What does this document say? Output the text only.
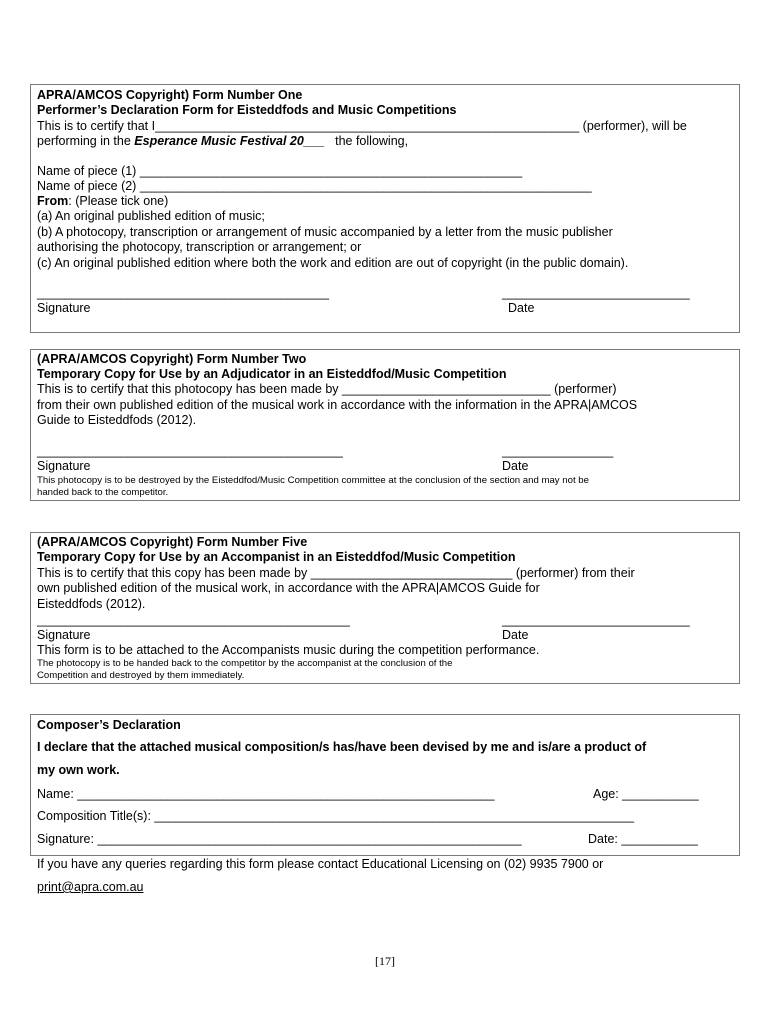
APRA/AMCOS Copyright) Form Number One
Performer’s Declaration Form for Eisteddfods and Music Competitions
This is to certify that I_____________________________________________________________ (performer), will be
performing in the Esperance Music Festival 20___ the following,
Name of piece (1) _______________________________________________________
Name of piece (2) _________________________________________________________________
From: (Please tick one)
(a) An original published edition of music;
(b) A photocopy, transcription or arrangement of music accompanied by a letter from the music publisher
authorising the photocopy, transcription or arrangement; or
(c) An original published edition where both the work and edition are out of copyright (in the public domain).
__________________________________________	___________________________
Signature	Date
(APRA/AMCOS Copyright) Form Number Two
Temporary Copy for Use by an Adjudicator in an Eisteddfod/Music Competition
This is to certify that this photocopy has been made by ______________________________ (performer)
from their own published edition of the musical work in accordance with the information in the APRA|AMCOS
Guide to Eisteddfods (2012).
____________________________________________	________________
Signature	Date
This photocopy is to be destroyed by the Eisteddfod/Music Competition committee at the conclusion of the section and may not be
handed back to the competitor.
(APRA/AMCOS Copyright) Form Number Five
Temporary Copy for Use by an Accompanist in an Eisteddfod/Music Competition
This is to certify that this copy has been made by _____________________________ (performer) from their
own published edition of the musical work, in accordance with the APRA|AMCOS Guide for
Eisteddfods (2012).
_____________________________________________	___________________________
Signature	Date
This form is to be attached to the Accompanists music during the competition performance.
The photocopy is to be handed back to the competitor by the accompanist at the conclusion of the
Competition and destroyed by them immediately.
Composer’s Declaration
I declare that the attached musical composition/s has/have been devised by me and is/are a product of
my own work.
Name: ____________________________________________________________	Age: ___________
Composition Title(s): _____________________________________________________________________
Signature: _____________________________________________________________	Date: ___________
If you have any queries regarding this form please contact Educational Licensing on (02) 9935 7900 or
print@apra.com.au
[17]
